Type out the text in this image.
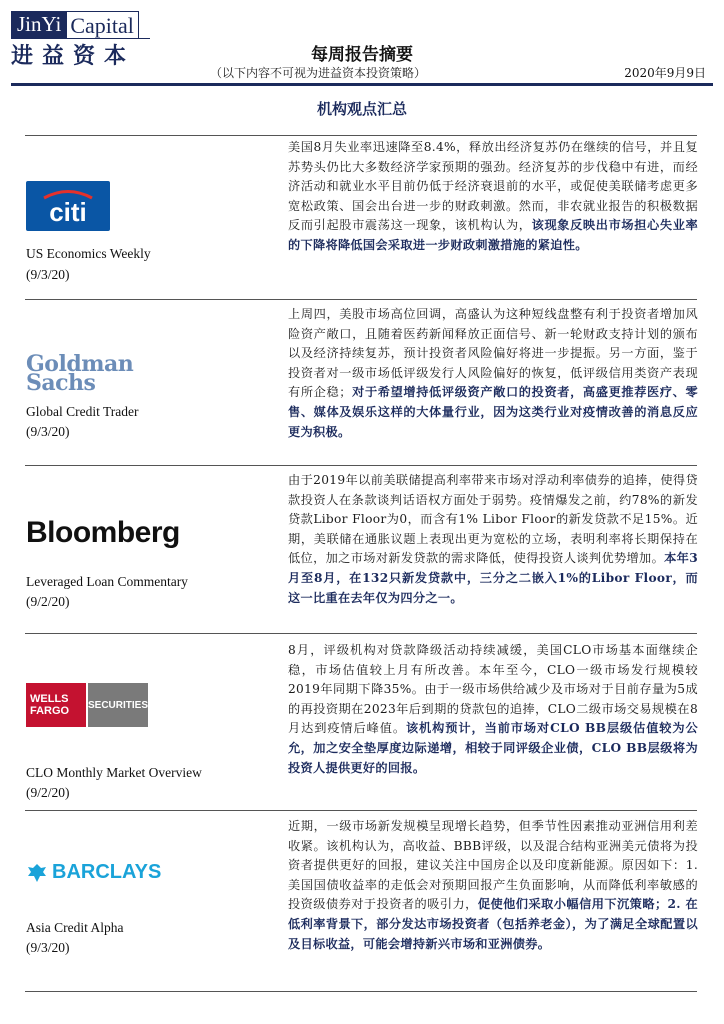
JinYi Capital
进益资本	每周报告摘要
（以下内容不可视为进益资本投资策略）	2020年9月9日
机构观点汇总
citi
US Economics Weekly
(9/3/20)
美国8月失业率迅速降至8.4%，释放出经济复苏仍在继续的信号，并且复苏势头仍比大多数经济学家预期的强劲。经济复苏的步伐稳中有进，而经济活动和就业水平目前仍低于经济衰退前的水平，或促使美联储考虑更多宽松政策、国会出台进一步的财政刺激。然而，非农就业报告的积极数据反而引起股市震荡这一现象，该机构认为，该现象反映出市场担心失业率的下降将降低国会采取进一步财政刺激措施的紧迫性。
Goldman
Sachs
Global Credit Trader
(9/3/20)
上周四，美股市场高位回调，高盛认为这种短线盘整有利于投资者增加风险资产敞口，且随着医药新闻释放正面信号、新一轮财政支持计划的颁布以及经济持续复苏，预计投资者风险偏好将进一步提振。另一方面，鉴于投资者对一级市场低评级发行人风险偏好的恢复，低评级信用类资产表现有所企稳；对于希望增持低评级资产敞口的投资者，高盛更推荐医疗、零售、媒体及娱乐这样的大体量行业，因为这类行业对疫情改善的消息反应更为积极。
Bloomberg
Leveraged Loan Commentary
(9/2/20)
由于2019年以前美联储提高利率带来市场对浮动利率债券的追捧，使得贷款投资人在条款谈判话语权方面处于弱势。疫情爆发之前，约78%的新发贷款Libor Floor为0，而含有1% Libor Floor的新发贷款不足15%。近期，美联储在通胀议题上表现出更为宽松的立场，表明利率将长期保持在低位，加之市场对新发贷款的需求降低，使得投资人谈判优势增加。本年3月至8月，在132只新发贷款中，三分之二嵌入1%的Libor Floor，而这一比重在去年仅为四分之一。
WELLS
FARGO	SECURITIES
CLO Monthly Market Overview
(9/2/20)
8月，评级机构对贷款降级活动持续减缓，美国CLO市场基本面继续企稳，市场估值较上月有所改善。本年至今，CLO一级市场发行规模较2019年同期下降35%。由于一级市场供给减少及市场对于目前存量为5成的再投资期在2023年后到期的贷款包的追捧，CLO二级市场交易规模在8月达到疫情后峰值。该机构预计，当前市场对CLO BB层级估值较为公允，加之安全垫厚度边际递增，相较于同评级企业债，CLO BB层级将为投资人提供更好的回报。
BARCLAYS
Asia Credit Alpha
(9/3/20)
近期，一级市场新发规模呈现增长趋势，但季节性因素推动亚洲信用利差收紧。该机构认为，高收益、BBB评级，以及混合结构亚洲美元债将为投资者提供更好的回报，建议关注中国房企以及印度新能源。原因如下：1. 美国国债收益率的走低会对预期回报产生负面影响，从而降低利率敏感的投资级债券对于投资者的吸引力，促使他们采取小幅信用下沉策略；2. 在低利率背景下，部分发达市场投资者（包括养老金），为了满足全球配置以及目标收益，可能会增持新兴市场和亚洲债券。
